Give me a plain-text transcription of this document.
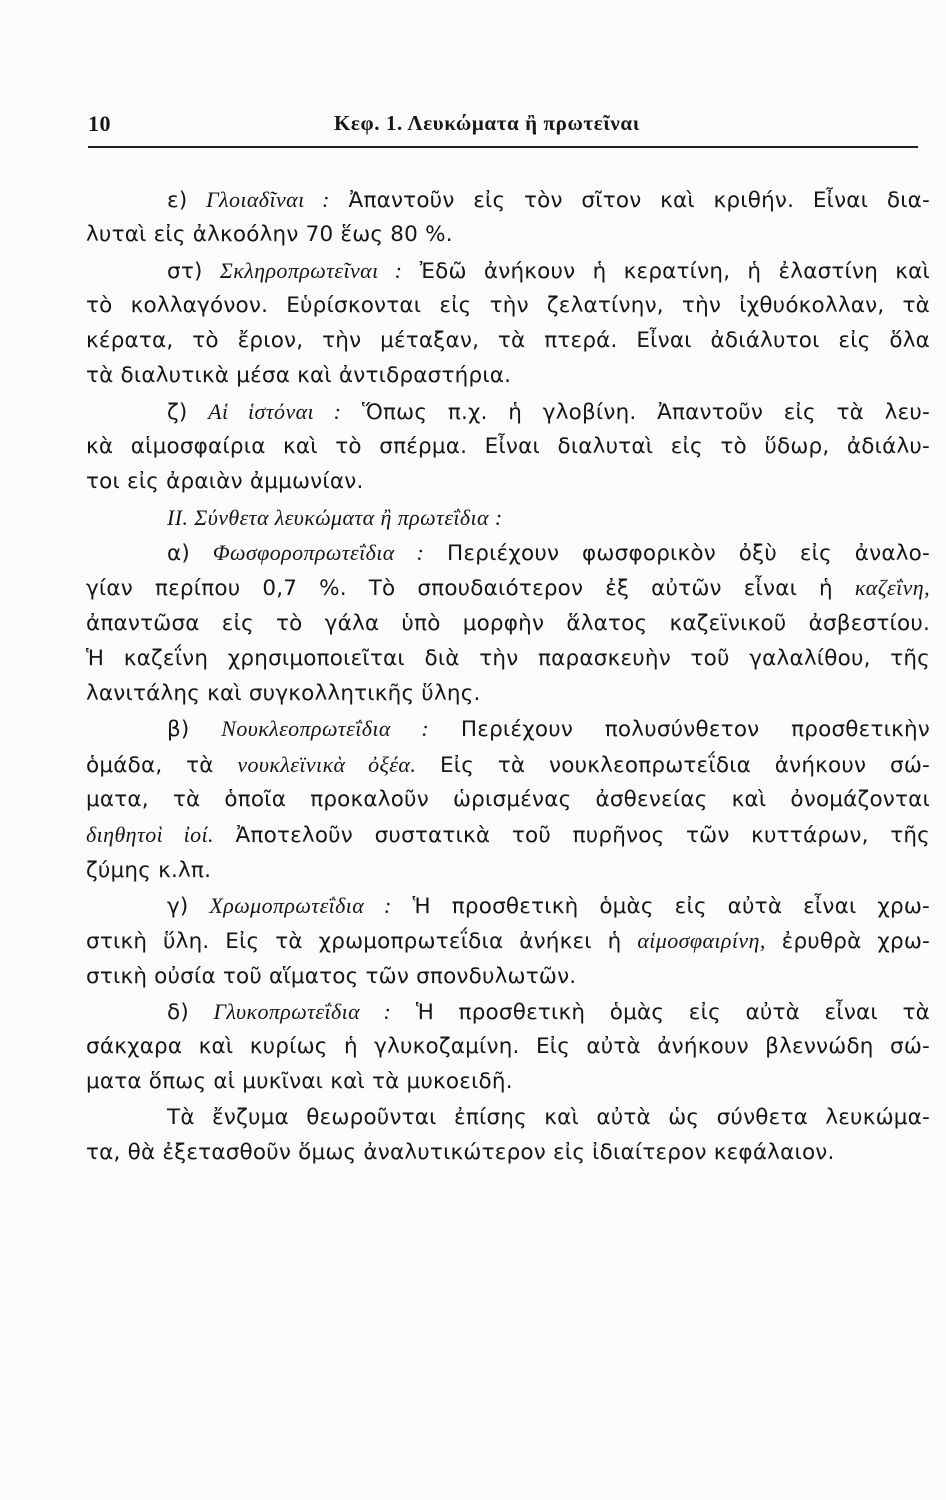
10	Κεφ. 1. Λευκώματα ἢ πρωτεῖναι
ε) Γλοιαδῖναι : Ἀπαντοῦν εἰς τὸν σῖτον καὶ κριθήν. Εἶναι δια-
λυταὶ εἰς ἀλκοόλην 70 ἕως 80 %.
στ) Σκληροπρωτεῖναι : Ἐδῶ ἀνήκουν ἡ κερατίνη, ἡ ἐλαστίνη καὶ
τὸ κολλαγόνον. Εὑρίσκονται εἰς τὴν ζελατίνην, τὴν ἰχθυόκολλαν, τὰ
κέρατα, τὸ ἔριον, τὴν μέταξαν, τὰ πτερά. Εἶναι ἀδιάλυτοι εἰς ὅλα
τὰ διαλυτικὰ μέσα καὶ ἀντιδραστήρια.
ζ) Αἱ ἱστόναι : Ὅπως π.χ. ἡ γλοβίνη. Ἀπαντοῦν εἰς τὰ λευ-
κὰ αἱμοσφαίρια καὶ τὸ σπέρμα. Εἶναι διαλυταὶ εἰς τὸ ὕδωρ, ἀδιάλυ-
τοι εἰς ἀραιὰν ἀμμωνίαν.
II. Σύνθετα λευκώματα ἢ πρωτεΐδια :
α) Φωσφοροπρωτεΐδια : Περιέχουν φωσφορικὸν ὀξὺ εἰς ἀναλο-
γίαν περίπου 0,7 %. Τὸ σπουδαιότερον ἐξ αὐτῶν εἶναι ἡ καζεΐνη,
ἀπαντῶσα εἰς τὸ γάλα ὑπὸ μορφὴν ἅλατος καζεϊνικοῦ ἀσβεστίου.
Ἡ καζεΐνη χρησιμοποιεῖται διὰ τὴν παρασκευὴν τοῦ γαλαλίθου, τῆς
λανιτάλης καὶ συγκολλητικῆς ὕλης.
β) Νουκλεοπρωτεΐδια : Περιέχουν πολυσύνθετον προσθετικὴν
ὁμάδα, τὰ νουκλεϊνικὰ ὀξέα. Εἰς τὰ νουκλεοπρωτεΐδια ἀνήκουν σώ-
ματα, τὰ ὁποῖα προκαλοῦν ὡρισμένας ἀσθενείας καὶ ὀνομάζονται
διηθητοὶ ἰοί. Ἀποτελοῦν συστατικὰ τοῦ πυρῆνος τῶν κυττάρων, τῆς
ζύμης κ.λπ.
γ) Χρωμοπρωτεΐδια : Ἡ προσθετικὴ ὁμὰς εἰς αὐτὰ εἶναι χρω-
στικὴ ὕλη. Εἰς τὰ χρωμοπρωτεΐδια ἀνήκει ἡ αἱμοσφαιρίνη, ἐρυθρὰ χρω-
στικὴ οὐσία τοῦ αἵματος τῶν σπονδυλωτῶν.
δ) Γλυκοπρωτεΐδια : Ἡ προσθετικὴ ὁμὰς εἰς αὐτὰ εἶναι τὰ
σάκχαρα καὶ κυρίως ἡ γλυκοζαμίνη. Εἰς αὐτὰ ἀνήκουν βλεννώδη σώ-
ματα ὅπως αἱ μυκῖναι καὶ τὰ μυκοειδῆ.
Τὰ ἔνζυμα θεωροῦνται ἐπίσης καὶ αὐτὰ ὡς σύνθετα λευκώμα-
τα, θὰ ἐξετασθοῦν ὅμως ἀναλυτικώτερον εἰς ἰδιαίτερον κεφάλαιον.
